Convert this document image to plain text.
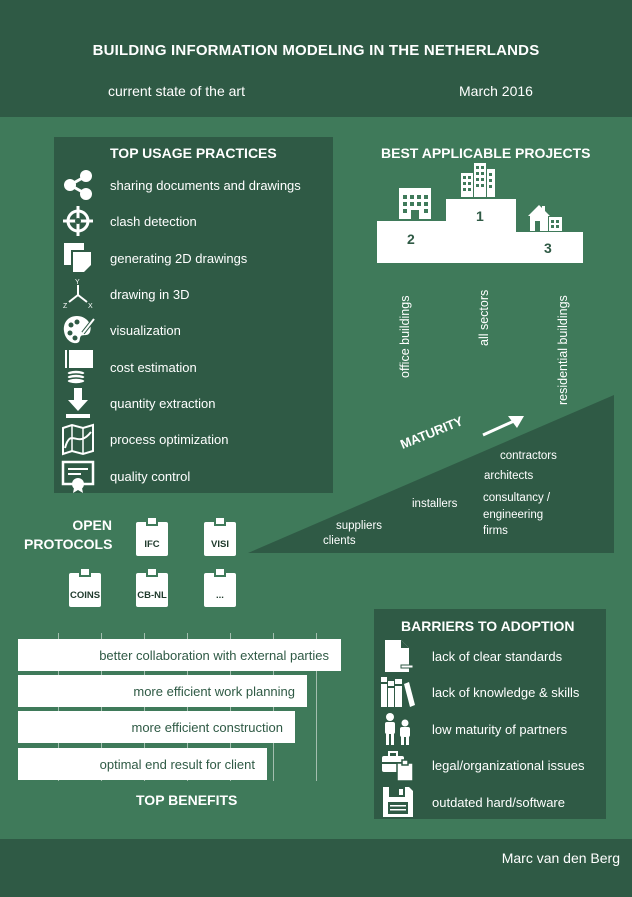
BUILDING INFORMATION MODELING IN THE NETHERLANDS
current state of the art	March 2016
TOP USAGE PRACTICES
sharing documents and drawings
clash detection
generating 2D drawings
Y
Z	X
drawing in 3D
visualization
cost estimation
quantity extraction
process optimization
quality control
BEST APPLICABLE PROJECTS
2
1
3
office buildings	all sectors	residential buildings
MATURITY
contractors
architects
consultancy /
engineering
firms
installers
suppliers
clients
OPEN
PROTOCOLS	IFC	VISI
COINS	CB-NL	...
better collaboration with external parties
more efficient work planning
more efficient construction
optimal end result for client
TOP BENEFITS
BARRIERS TO ADOPTION
lack of clear standards
lack of knowledge & skills
low maturity of partners
legal/organizational issues
outdated hard/software
Marc van den Berg
